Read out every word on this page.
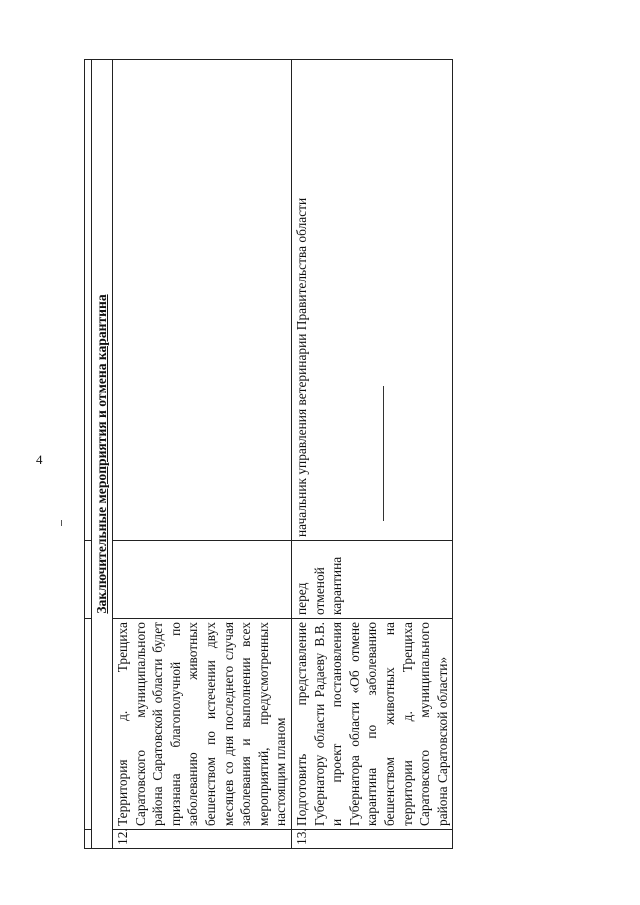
4
				Заключительные мероприятия и отмена карантина			
12.	Территория д. Трещиха Саратовского муниципального района Саратовской области будет признана благополучной по заболеванию животных бешенством по истечении двух месяцев со дня последнего случая заболевания и выполнении всех мероприятий, предусмотренных настоящим планом		
13.	Подготовить представление Губернатору области Радаеву В.В. и проект постановления Губернатора области «Об отмене карантина по заболеванию бешенством животных на территории д. Трещиха Саратовского муниципального района Саратовской области»	перед отменой карантина	начальник управления ветеринарии Правительства области
